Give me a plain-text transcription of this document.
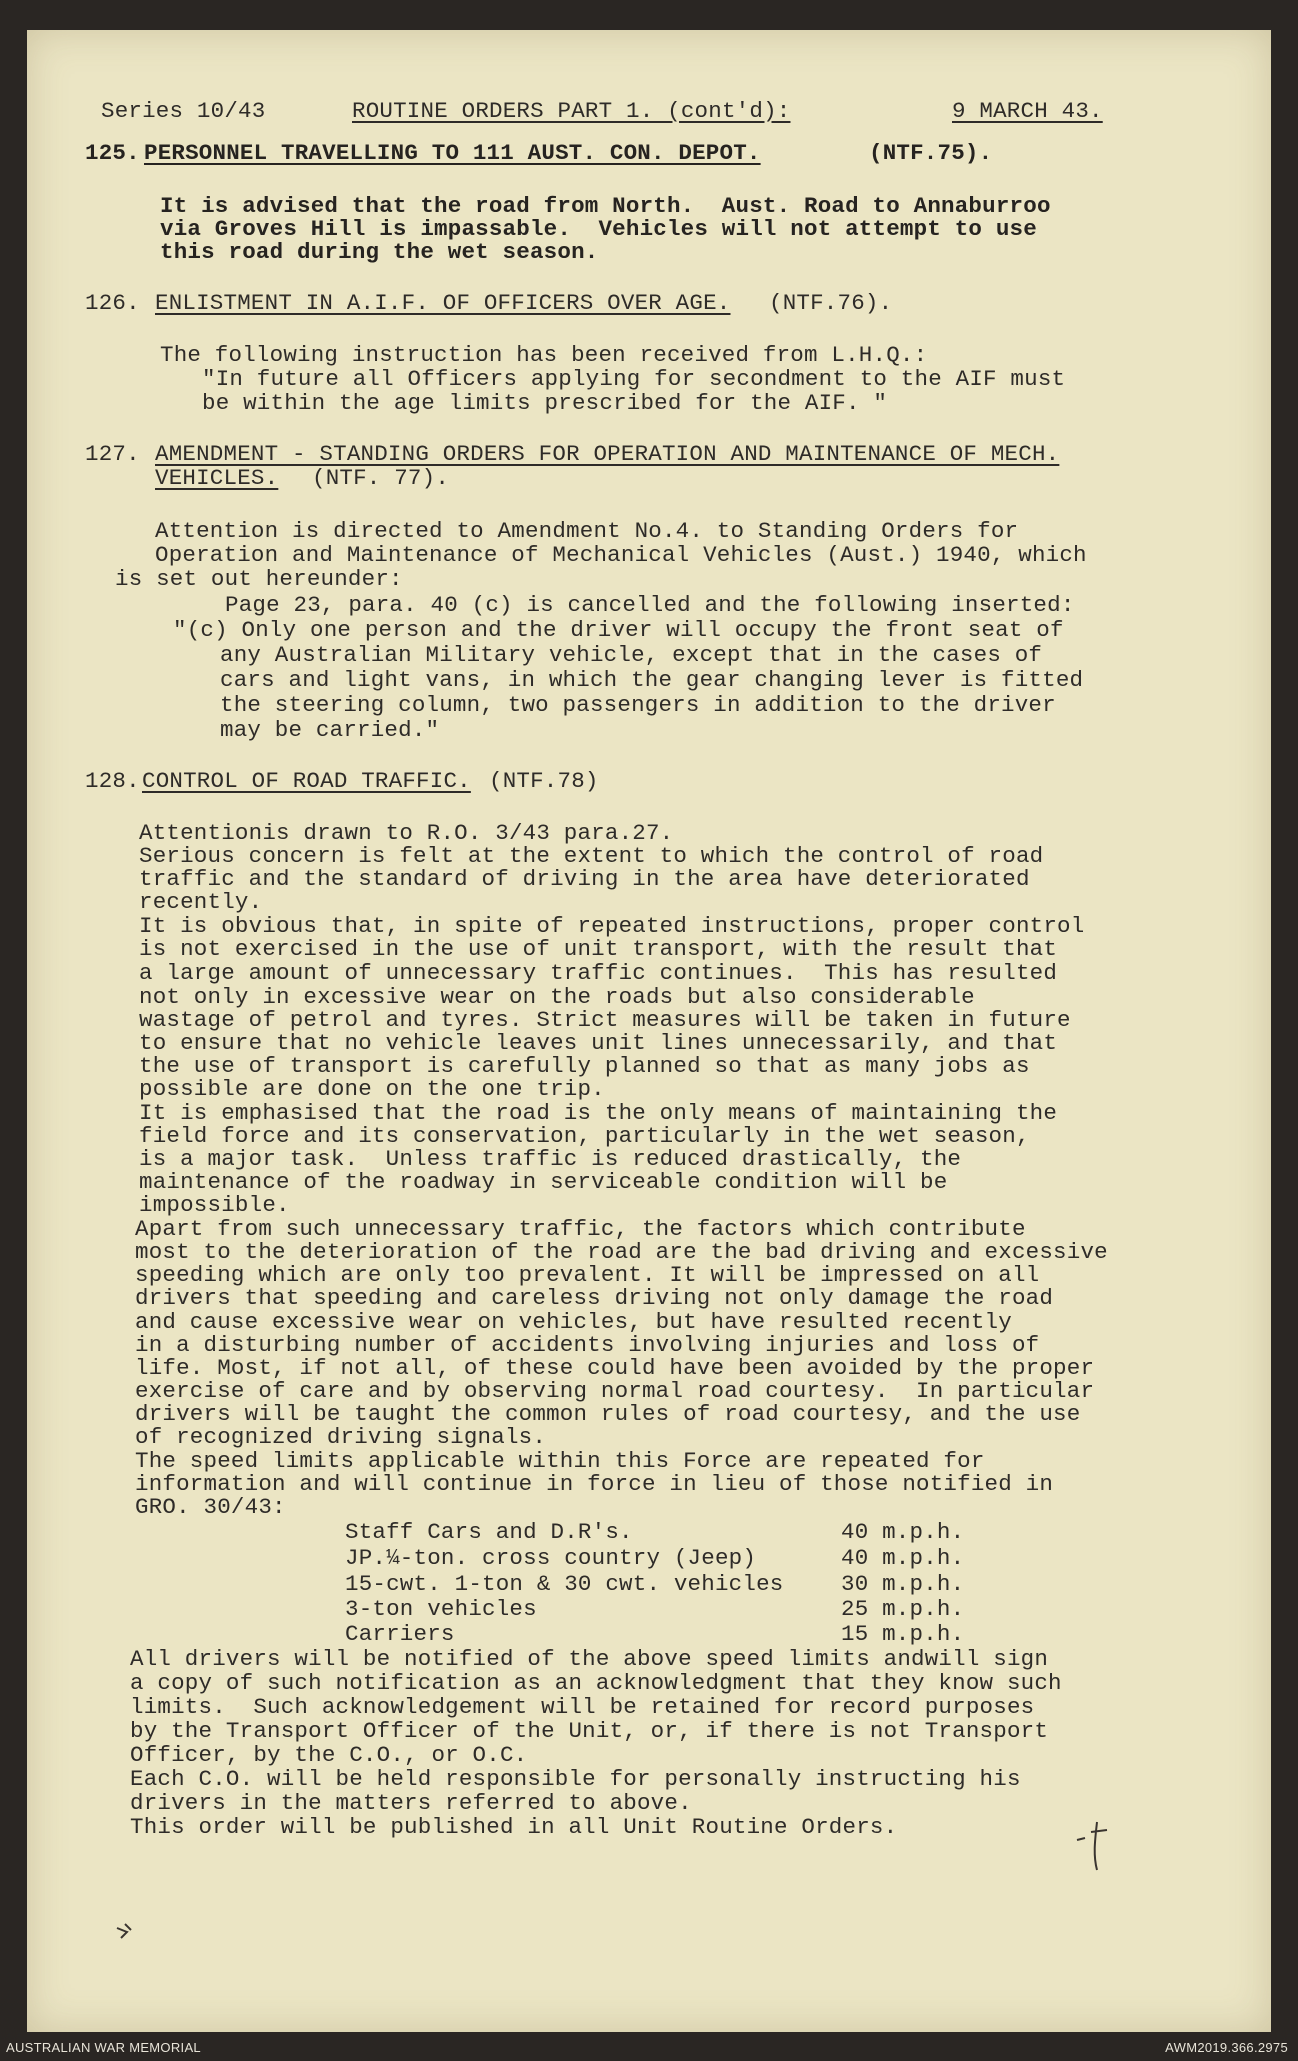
Series 10/43	ROUTINE ORDERS PART 1. (cont'd):	9 MARCH 43.
125. PERSONNEL TRAVELLING TO 111 AUST. CON. DEPOT.	(NTF.75).
It is advised that the road from North.  Aust. Road to Annaburroo
via Groves Hill is impassable.  Vehicles will not attempt to use
this road during the wet season.
126. ENLISTMENT IN A.I.F. OF OFFICERS OVER AGE. (NTF.76).
The following instruction has been received from L.H.Q.:
"In future all Officers applying for secondment to the AIF must
be within the age limits prescribed for the AIF. "
127. AMENDMENT - STANDING ORDERS FOR OPERATION AND MAINTENANCE OF MECH.
VEHICLES. (NTF. 77).
Attention is directed to Amendment No.4. to Standing Orders for
Operation and Maintenance of Mechanical Vehicles (Aust.) 1940, which
is set out hereunder:
Page 23, para. 40 (c) is cancelled and the following inserted:
"(c) Only one person and the driver will occupy the front seat of
any Australian Military vehicle, except that in the cases of
cars and light vans, in which the gear changing lever is fitted
the steering column, two passengers in addition to the driver
may be carried."
128. CONTROL OF ROAD TRAFFIC. (NTF.78)
Attentionis drawn to R.O. 3/43 para.27.
Serious concern is felt at the extent to which the control of road
traffic and the standard of driving in the area have deteriorated
recently.
It is obvious that, in spite of repeated instructions, proper control
is not exercised in the use of unit transport, with the result that
a large amount of unnecessary traffic continues.  This has resulted
not only in excessive wear on the roads but also considerable
wastage of petrol and tyres. Strict measures will be taken in future
to ensure that no vehicle leaves unit lines unnecessarily, and that
the use of transport is carefully planned so that as many jobs as
possible are done on the one trip.
It is emphasised that the road is the only means of maintaining the
field force and its conservation, particularly in the wet season,
is a major task.  Unless traffic is reduced drastically, the
maintenance of the roadway in serviceable condition will be
impossible.
Apart from such unnecessary traffic, the factors which contribute
most to the deterioration of the road are the bad driving and excessive
speeding which are only too prevalent. It will be impressed on all
drivers that speeding and careless driving not only damage the road
and cause excessive wear on vehicles, but have resulted recently
in a disturbing number of accidents involving injuries and loss of
life. Most, if not all, of these could have been avoided by the proper
exercise of care and by observing normal road courtesy.  In particular
drivers will be taught the common rules of road courtesy, and the use
of recognized driving signals.
The speed limits applicable within this Force are repeated for
information and will continue in force in lieu of those notified in
GRO. 30/43:
Staff Cars and D.R's.	40 m.p.h.
JP.¼-ton. cross country (Jeep)	40 m.p.h.
15-cwt. 1-ton & 30 cwt. vehicles	30 m.p.h.
3-ton vehicles	25 m.p.h.
Carriers	15 m.p.h.
All drivers will be notified of the above speed limits andwill sign
a copy of such notification as an acknowledgment that they know such
limits.  Such acknowledgement will be retained for record purposes
by the Transport Officer of the Unit, or, if there is not Transport
Officer, by the C.O., or O.C.
Each C.O. will be held responsible for personally instructing his
drivers in the matters referred to above.
This order will be published in all Unit Routine Orders.
AUSTRALIAN WAR MEMORIAL	AWM2019.366.2975
